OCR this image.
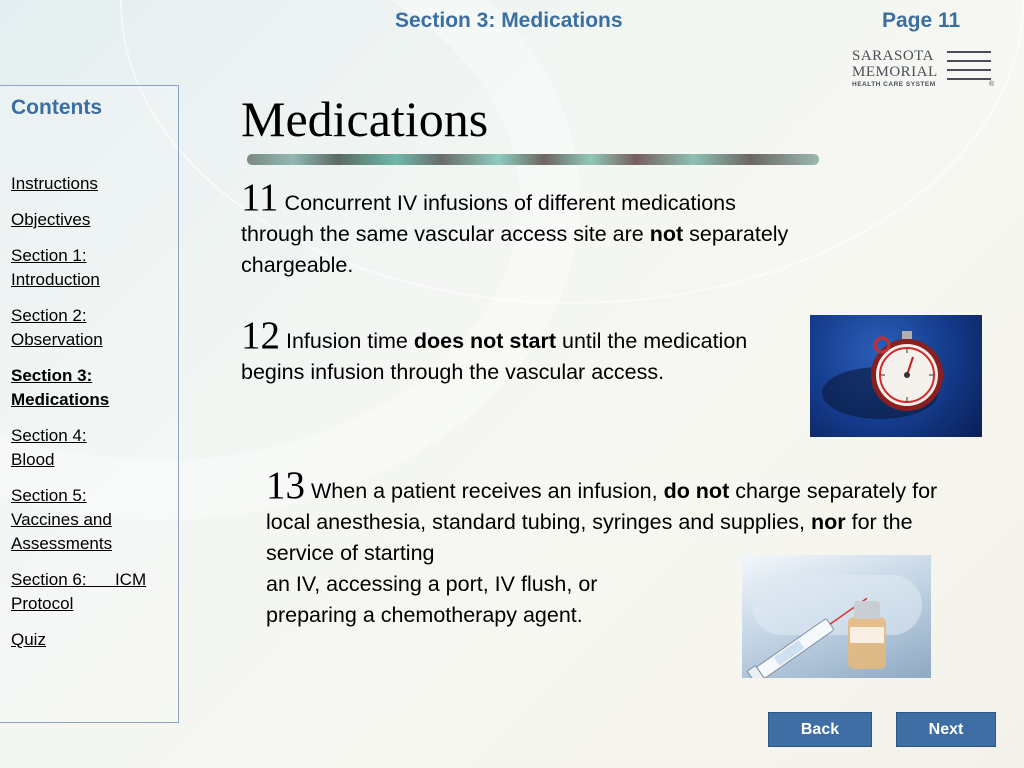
Section 3: Medications	Page 11
SARASOTA
MEMORIAL
HEALTH CARE SYSTEM	®
Contents
Instructions
Objectives
Section 1:
Introduction
Section 2:
Observation
Section 3:
Medications
Section 4:
Blood
Section 5:
Vaccines and
Assessments
Section 6:      ICM
Protocol
Quiz
Medications
11 Concurrent IV infusions of different medications through the same vascular access site are not separately chargeable.
12 Infusion time does not start until the medication begins infusion through the vascular access.
13 When a patient receives an infusion, do not charge separately for local anesthesia, standard tubing, syringes and supplies, nor for the service of starting
an IV, accessing a port, IV flush, or
preparing a chemotherapy agent.
Back	Next
